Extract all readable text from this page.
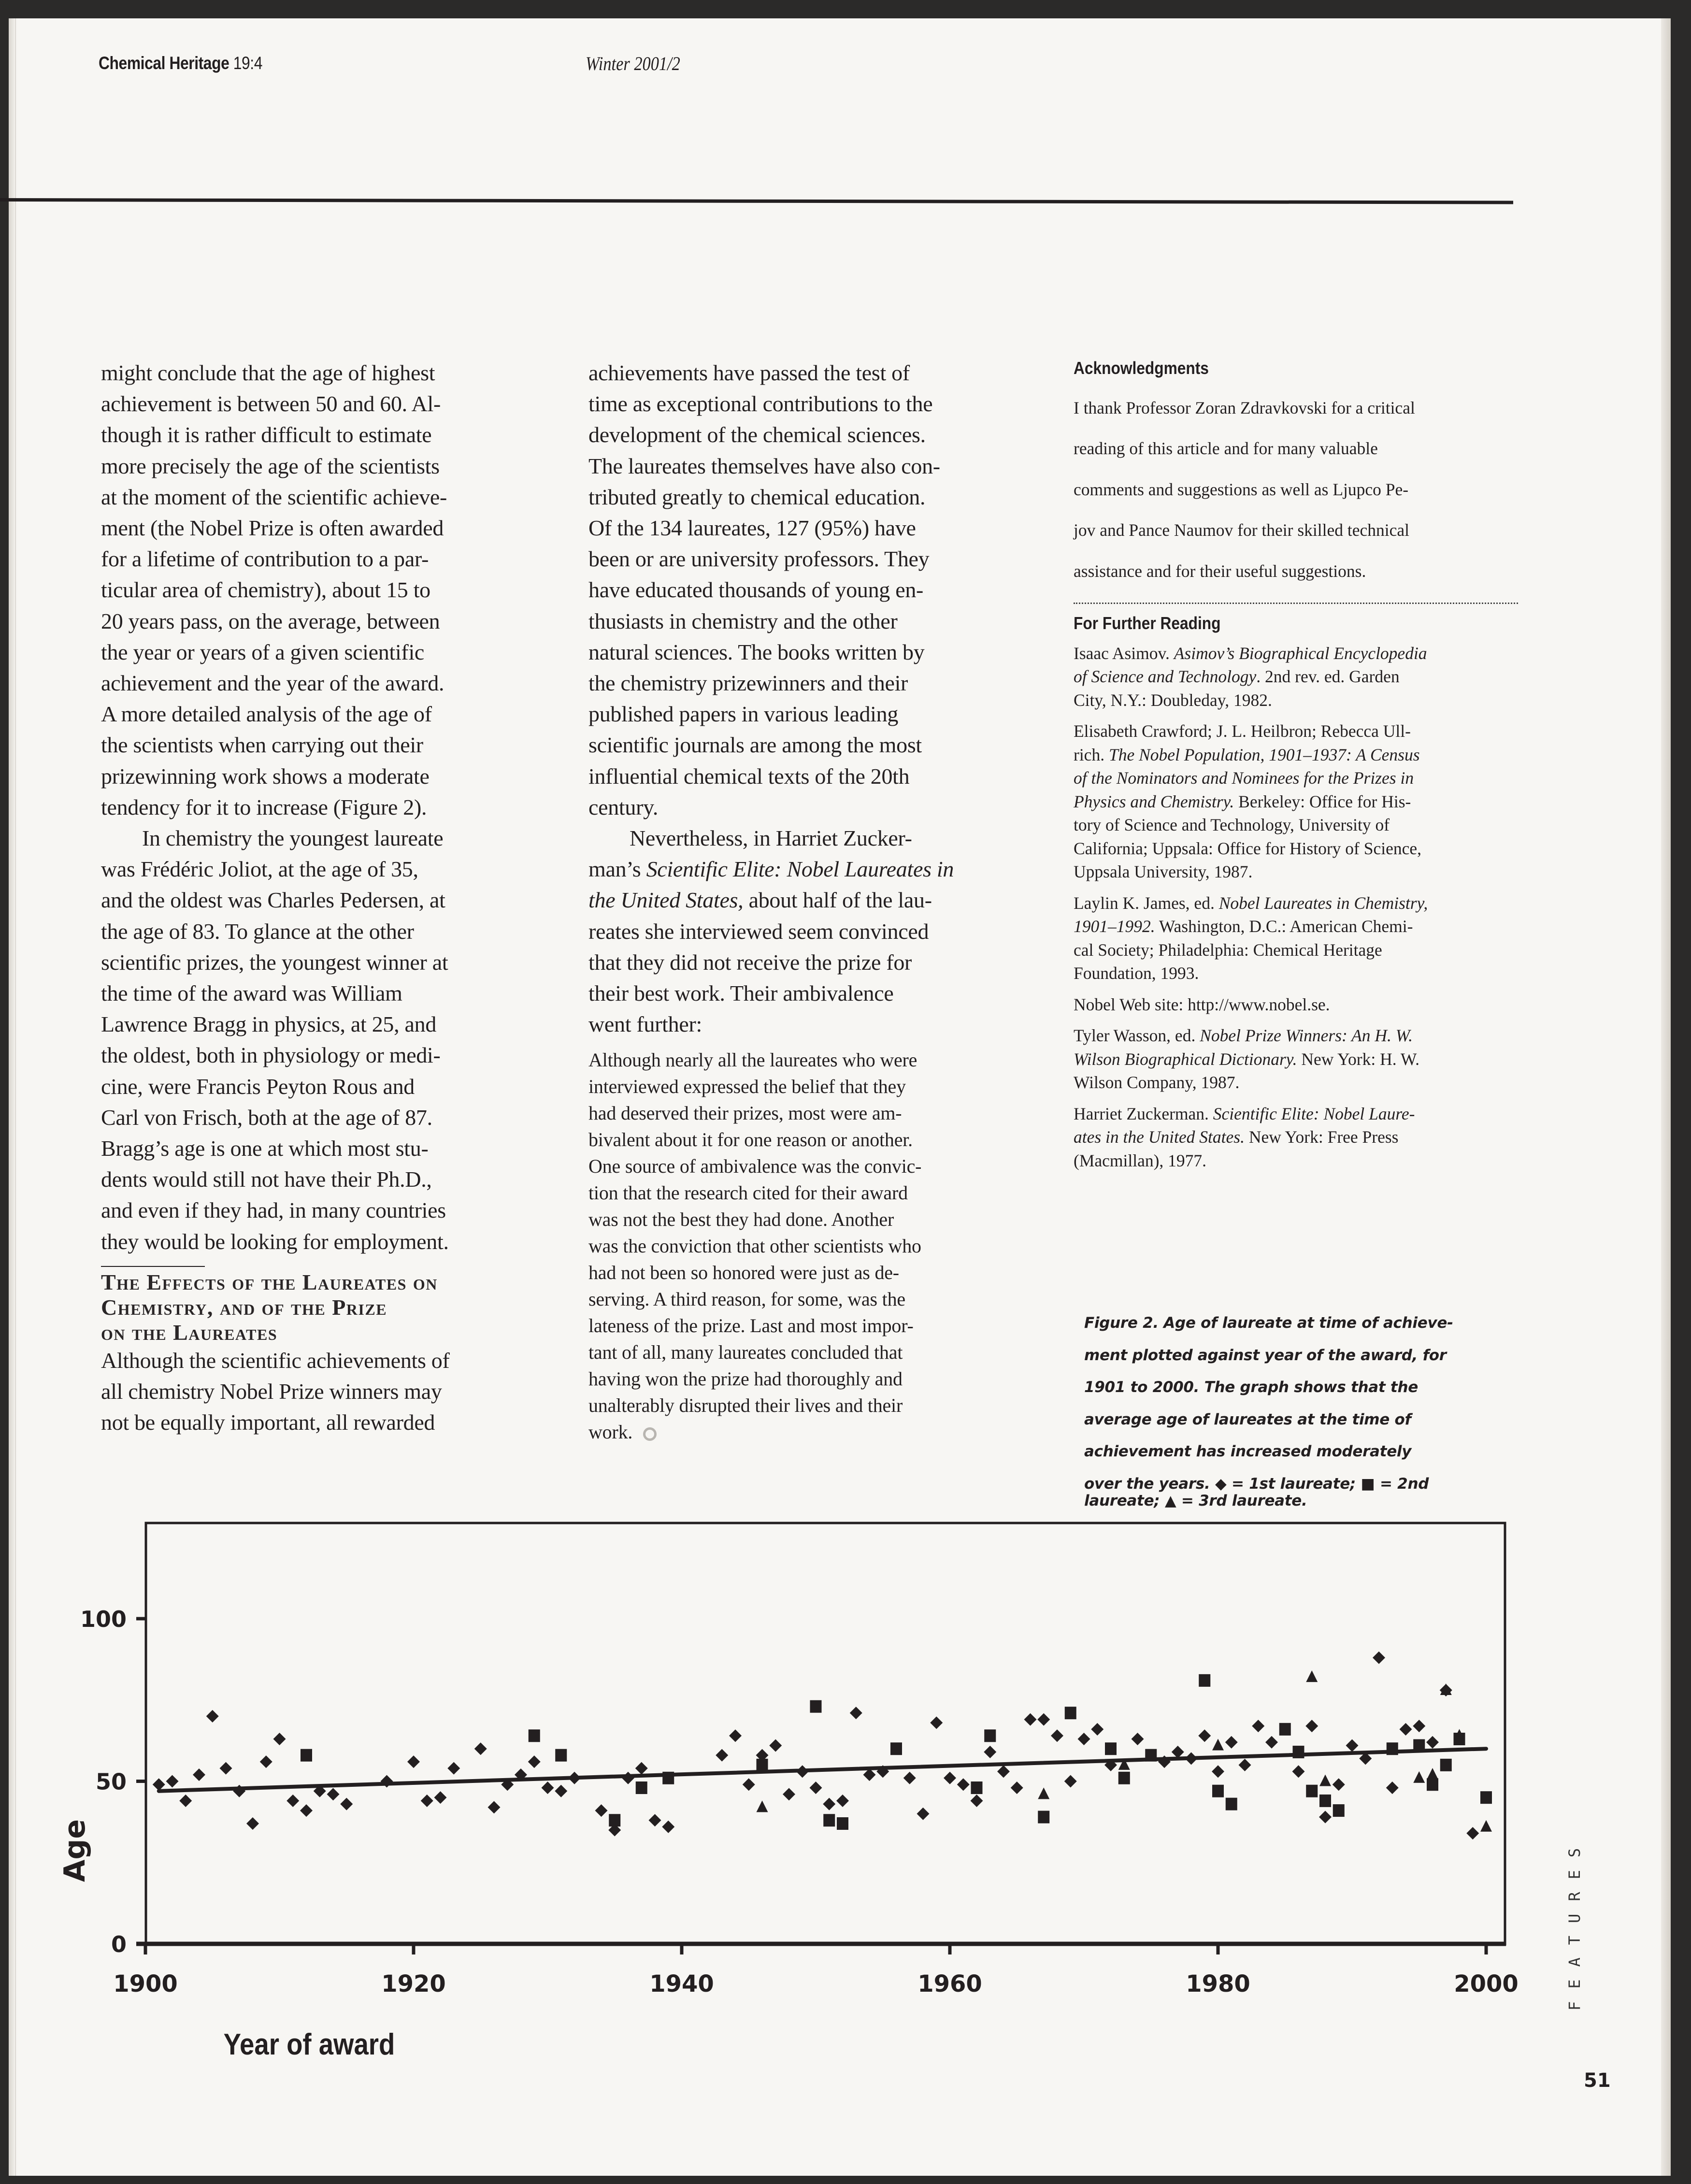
Chemical Heritage 19:4	Winter 2001/2

might conclude that the age of highest

achievement is between 50 and 60. Al-

though it is rather difficult to estimate

more precisely the age of the scientists

at the moment of the scientific achieve-

ment (the Nobel Prize is often awarded

for a lifetime of contribution to a par-

ticular area of chemistry), about 15 to

20 years pass, on the average, between

the year or years of a given scientific

achievement and the year of the award.

A more detailed analysis of the age of

the scientists when carrying out their

prizewinning work shows a moderate

tendency for it to increase (Figure 2).

In chemistry the youngest laureate

was Frédéric Joliot, at the age of 35,

and the oldest was Charles Pedersen, at

the age of 83. To glance at the other

scientific prizes, the youngest winner at

the time of the award was William

Lawrence Bragg in physics, at 25, and

the oldest, both in physiology or medi-

cine, were Francis Peyton Rous and

Carl von Frisch, both at the age of 87.

Bragg’s age is one at which most stu-

dents would still not have their Ph.D.,

and even if they had, in many countries

they would be looking for employment.

The Effects of the Laureates on

Chemistry, and of the Prize

on the Laureates

Although the scientific achievements of

all chemistry Nobel Prize winners may

not be equally important, all rewarded

achievements have passed the test of

time as exceptional contributions to the

development of the chemical sciences.

The laureates themselves have also con-

tributed greatly to chemical education.

Of the 134 laureates, 127 (95%) have

been or are university professors. They

have educated thousands of young en-

thusiasts in chemistry and the other

natural sciences. The books written by

the chemistry prizewinners and their

published papers in various leading

scientific journals are among the most

influential chemical texts of the 20th

century.

Nevertheless, in Harriet Zucker-

man’s Scientific Elite: Nobel Laureates in

the United States, about half of the lau-

reates she interviewed seem convinced

that they did not receive the prize for

their best work. Their ambivalence

went further:

Although nearly all the laureates who were

interviewed expressed the belief that they

had deserved their prizes, most were am-

bivalent about it for one reason or another.

One source of ambivalence was the convic-

tion that the research cited for their award

was not the best they had done. Another

was the conviction that other scientists who

had not been so honored were just as de-

serving. A third reason, for some, was the

lateness of the prize. Last and most impor-

tant of all, many laureates concluded that

having won the prize had thoroughly and

unalterably disrupted their lives and their

work.

Acknowledgments

I thank Professor Zoran Zdravkovski for a critical

reading of this article and for many valuable

comments and suggestions as well as Ljupco Pe-

jov and Pance Naumov for their skilled technical

assistance and for their useful suggestions.

For Further Reading
Isaac Asimov. Asimov’s Biographical Encyclopedia
of Science and Technology. 2nd rev. ed. Garden
City, N.Y.: Doubleday, 1982.
Elisabeth Crawford; J. L. Heilbron; Rebecca Ull-
rich. The Nobel Population, 1901–1937: A Census
of the Nominators and Nominees for the Prizes in
Physics and Chemistry. Berkeley: Office for His-
tory of Science and Technology, University of
California; Uppsala: Office for History of Science,
Uppsala University, 1987.
Laylin K. James, ed. Nobel Laureates in Chemistry,
1901–1992. Washington, D.C.: American Chemi-
cal Society; Philadelphia: Chemical Heritage
Foundation, 1993.
Nobel Web site: http://www.nobel.se.
Tyler Wasson, ed. Nobel Prize Winners: An H. W.
Wilson Biographical Dictionary. New York: H. W.
Wilson Company, 1987.
Harriet Zuckerman. Scientific Elite: Nobel Laure-
ates in the United States. New York: Free Press
(Macmillan), 1977.

Figure 2. Age of laureate at time of achieve-

ment plotted against year of the award, for

1901 to 2000. The graph shows that the

average age of laureates at the time of

achievement has increased moderately

over the years. ◆ = 1st laureate; ■ = 2nd
laureate; ▲ = 3rd laureate.
0
50
100
1900	1920	1940	1960	1980	2000
Year of award
Age	FEATURES
51
